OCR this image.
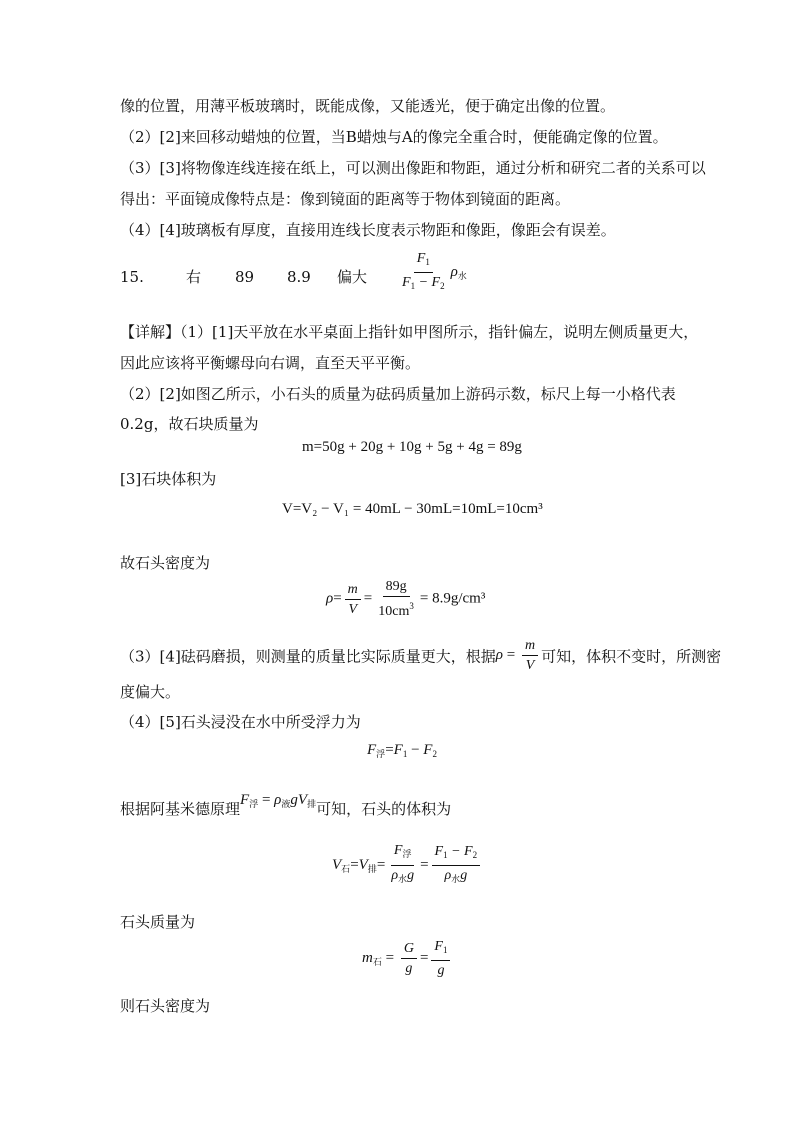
像的位置，用薄平板玻璃时，既能成像，又能透光，便于确定出像的位置。
（2）[2]来回移动蜡烛的位置，当B蜡烛与A的像完全重合时，便能确定像的位置。
（3）[3]将物像连线连接在纸上，可以测出像距和物距，通过分析和研究二者的关系可以
得出：平面镜成像特点是：像到镜面的距离等于物体到镜面的距离。
（4）[4]玻璃板有厚度，直接用连线长度表示物距和像距，像距会有误差。
15.	右 89 8.9 偏大 $\frac{F_1}{F_1 - F_2} \rho_水$
【详解】（1）[1]天平放在水平桌面上指针如甲图所示，指针偏左，说明左侧质量更大，
因此应该将平衡螺母向右调，直至天平平衡。
（2）[2]如图乙所示，小石头的质量为砝码质量加上游码示数，标尺上每一小格代表
0.2g，故石块质量为
m=50g + 20g + 10g + 5g + 4g = 89g
[3]石块体积为
V=V₂ − V₁ = 40mL − 30mL=10mL=10cm³
故石头密度为
$\rho= \frac{m}{V} = \frac{89g}{10cm^3} = 8.9g/cm^3$
（3）[4]砝码磨损，则测量的质量比实际质量更大，根据$\rho = \frac{m}{V}$ 可知，体积不变时，所测密
度偏大。
（4）[5]石头浸没在水中所受浮力为
$F_浮=F_1 - F_2$
根据阿基米德原理$F_浮 = \rho_液gV_排$可知，石头的体积为
$V_石=V_排= \frac{F_浮}{\rho_水g} = \frac{F_1 - F_2}{\rho_水g}$
石头质量为
$m_石 = \frac{G}{g} = \frac{F_1}{g}$
则石头密度为
